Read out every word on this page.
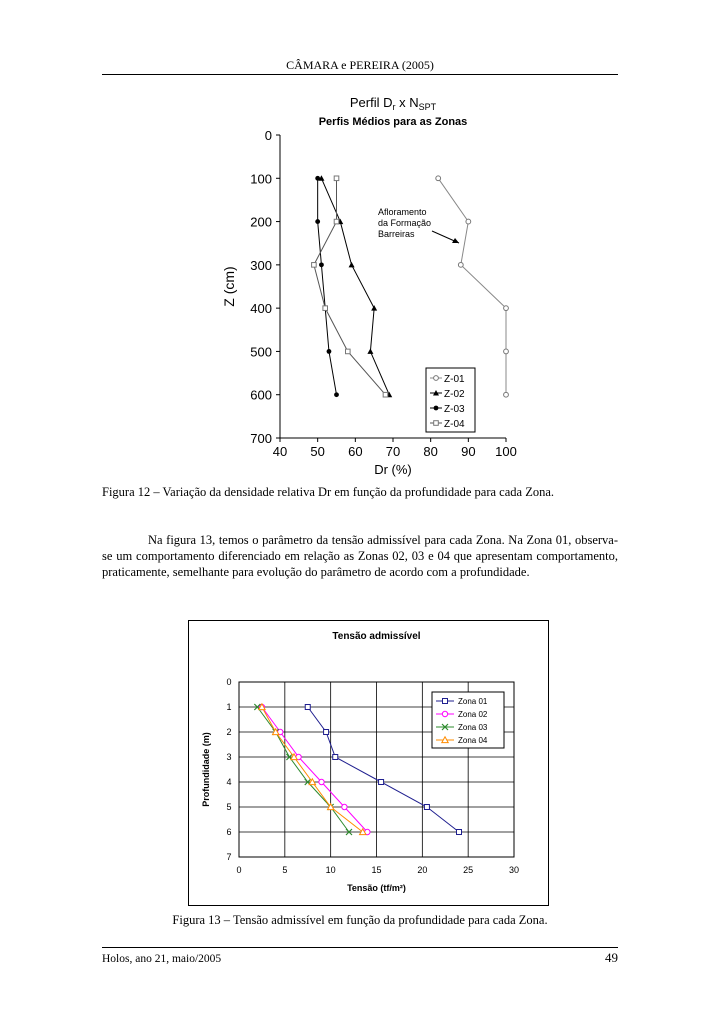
CÂMARA e PEREIRA (2005)
Perfil $D_r$ x $N_{SPT}$
Perfis Médios para as Zonas
0
100
200
300
400
500
600
700
40 50 60 70 80 90 100
Dr (%)
Z (cm)
Afloramento
da Formação
Barreiras
Z-01
Z-02
Z-03
Z-04
Figura 12 – Variação da densidade relativa Dr em função da profundidade para cada Zona.
Na figura 13, temos o parâmetro da tensão admissível para cada Zona. Na Zona 01, observa-se um comportamento diferenciado em relação as Zonas 02, 03 e 04 que apresentam comportamento, praticamente, semelhante para evolução do parâmetro de acordo com a profundidade.
Tensão admissível
0
1
2
3
4
5
6
7
0	5	10	15	20	25	30
Tensão (tf/m²)
Profundidade (m)
Zona 01
Zona 02
Zona 03
Zona 04
Figura 13 – Tensão admissível em função da profundidade para cada Zona.
Holos, ano 21, maio/2005	49
